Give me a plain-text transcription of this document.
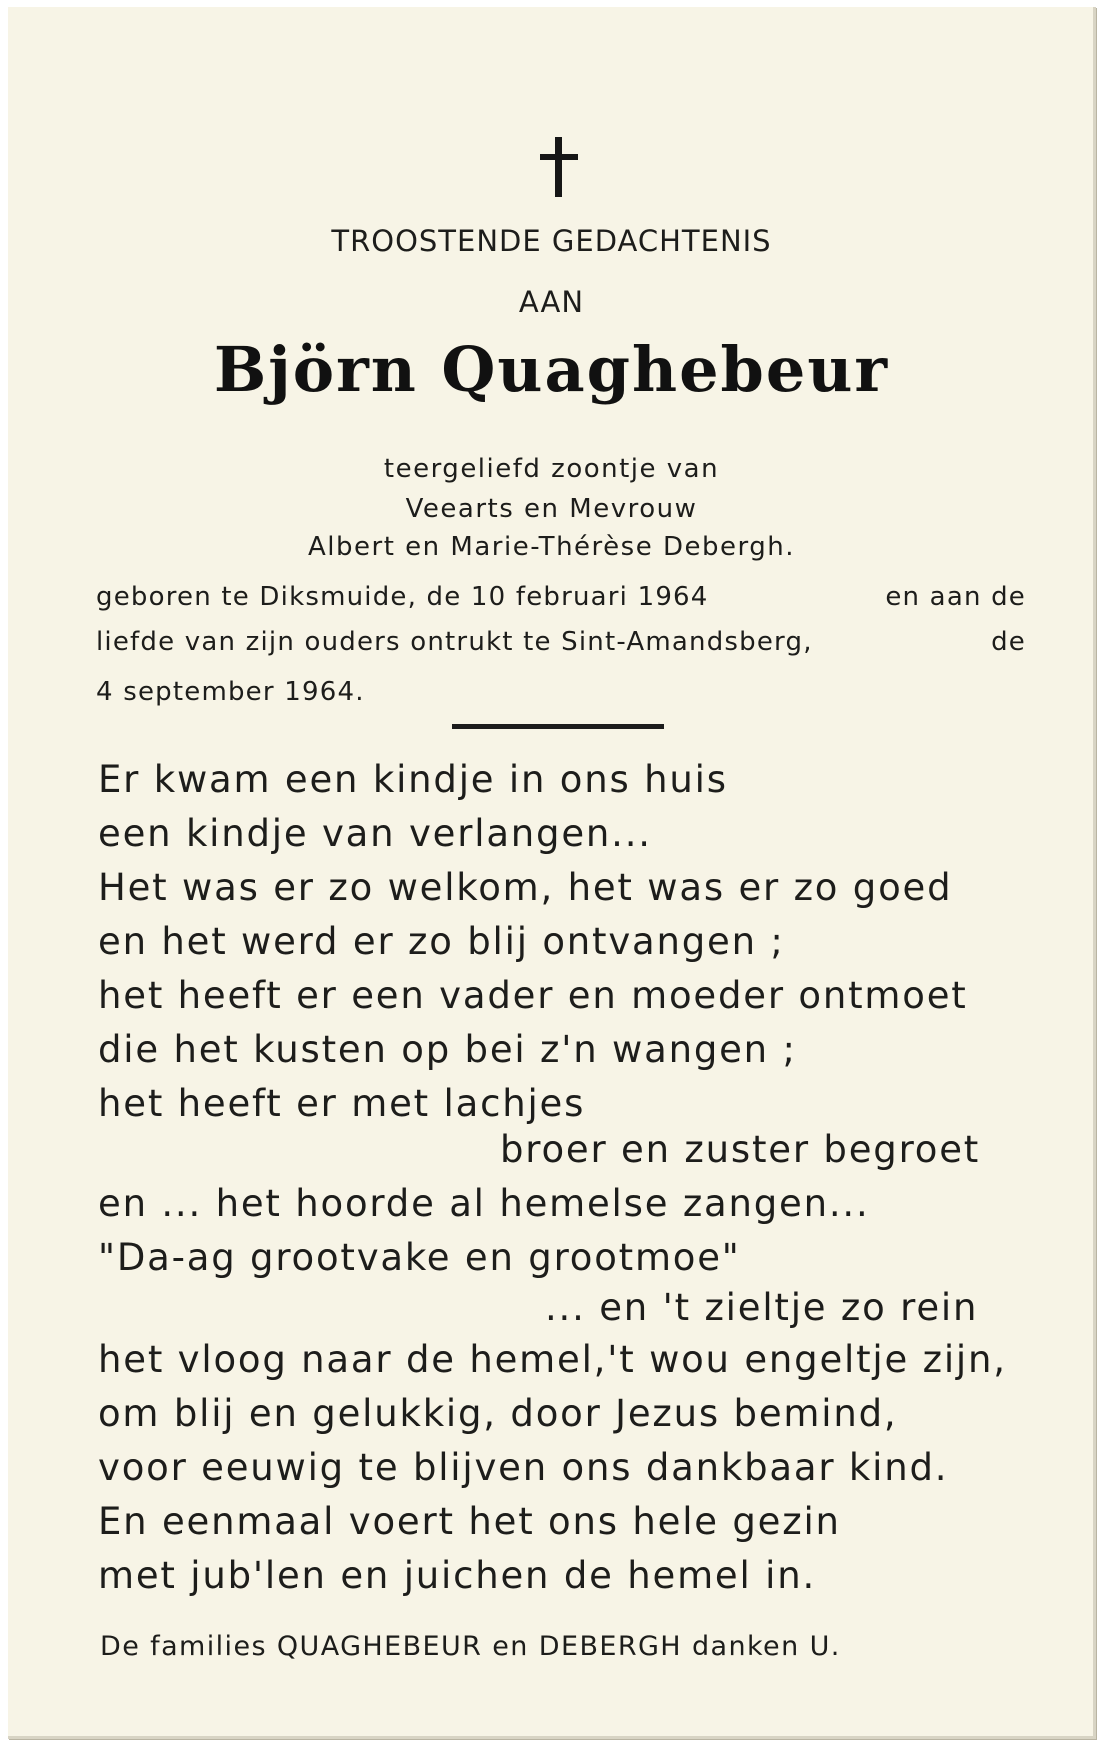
TROOSTENDE GEDACHTENIS
AAN
Björn Quaghebeur
teergeliefd zoontje van
Veearts en Mevrouw
Albert en Marie-Thérèse Debergh.
geboren te Diksmuide, de 10 februari 1964	en aan de
liefde van zijn ouders ontrukt te Sint-Amandsberg,	de
4 september 1964.
Er kwam een kindje in ons huis
een kindje van verlangen...
Het was er zo welkom, het was er zo goed
en het werd er zo blij ontvangen ;
het heeft er een vader en moeder ontmoet
die het kusten op bei z'n wangen ;
het heeft er met lachjes
broer en zuster begroet
en ... het hoorde al hemelse zangen...
"Da-ag grootvake en grootmoe"
... en 't zieltje zo rein
het vloog naar de hemel,'t wou engeltje zijn,
om blij en gelukkig, door Jezus bemind,
voor eeuwig te blijven ons dankbaar kind.
En eenmaal voert het ons hele gezin
met jub'len en juichen de hemel in.
De families QUAGHEBEUR en DEBERGH danken U.
